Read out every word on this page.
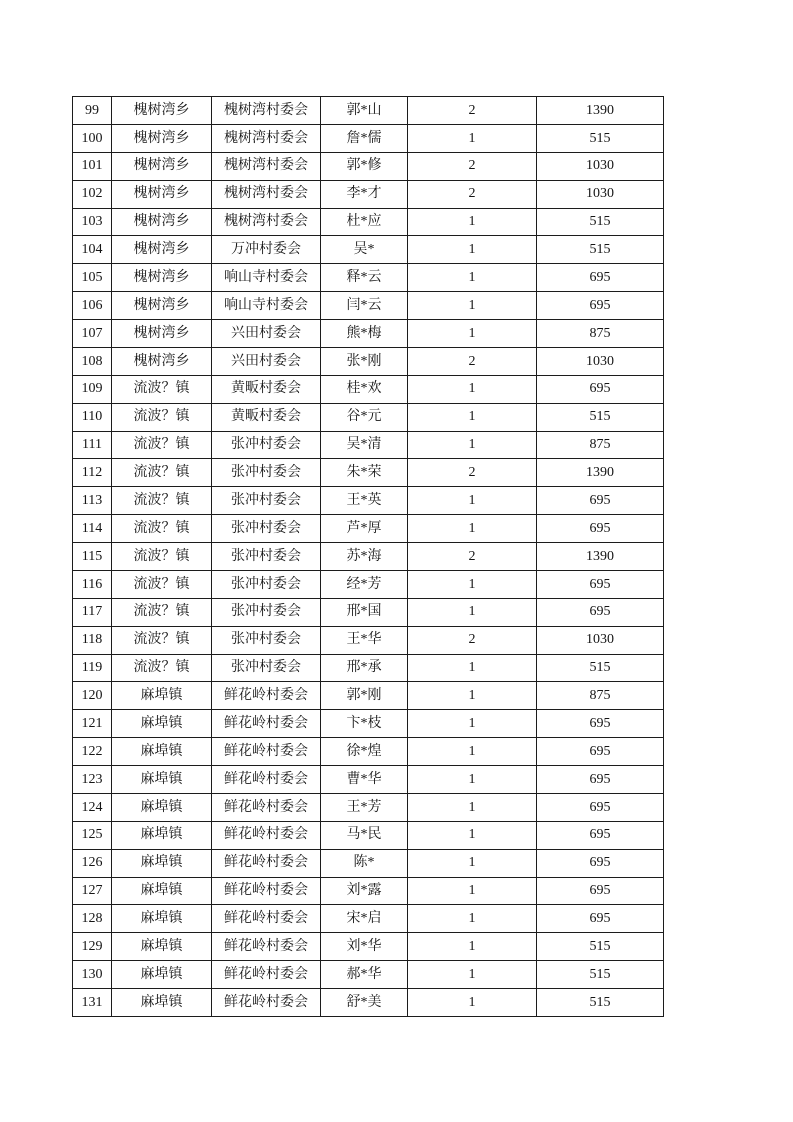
99	槐树湾乡	槐树湾村委会	郭*山	2	1390
100	槐树湾乡	槐树湾村委会	詹*儒	1	515
101	槐树湾乡	槐树湾村委会	郭*修	2	1030
102	槐树湾乡	槐树湾村委会	李*才	2	1030
103	槐树湾乡	槐树湾村委会	杜*应	1	515
104	槐树湾乡	万冲村委会	吴*	1	515
105	槐树湾乡	响山寺村委会	释*云	1	695
106	槐树湾乡	响山寺村委会	闫*云	1	695
107	槐树湾乡	兴田村委会	熊*梅	1	875
108	槐树湾乡	兴田村委会	张*刚	2	1030
109	流波？镇	黄畈村委会	桂*欢	1	695
110	流波？镇	黄畈村委会	谷*元	1	515
111	流波？镇	张冲村委会	吴*清	1	875
112	流波？镇	张冲村委会	朱*荣	2	1390
113	流波？镇	张冲村委会	王*英	1	695
114	流波？镇	张冲村委会	芦*厚	1	695
115	流波？镇	张冲村委会	苏*海	2	1390
116	流波？镇	张冲村委会	经*芳	1	695
117	流波？镇	张冲村委会	邢*国	1	695
118	流波？镇	张冲村委会	王*华	2	1030
119	流波？镇	张冲村委会	邢*承	1	515
120	麻埠镇	鲜花岭村委会	郭*刚	1	875
121	麻埠镇	鲜花岭村委会	卞*枝	1	695
122	麻埠镇	鲜花岭村委会	徐*煌	1	695
123	麻埠镇	鲜花岭村委会	曹*华	1	695
124	麻埠镇	鲜花岭村委会	王*芳	1	695
125	麻埠镇	鲜花岭村委会	马*民	1	695
126	麻埠镇	鲜花岭村委会	陈*	1	695
127	麻埠镇	鲜花岭村委会	刘*露	1	695
128	麻埠镇	鲜花岭村委会	宋*启	1	695
129	麻埠镇	鲜花岭村委会	刘*华	1	515
130	麻埠镇	鲜花岭村委会	郝*华	1	515
131	麻埠镇	鲜花岭村委会	舒*美	1	515
